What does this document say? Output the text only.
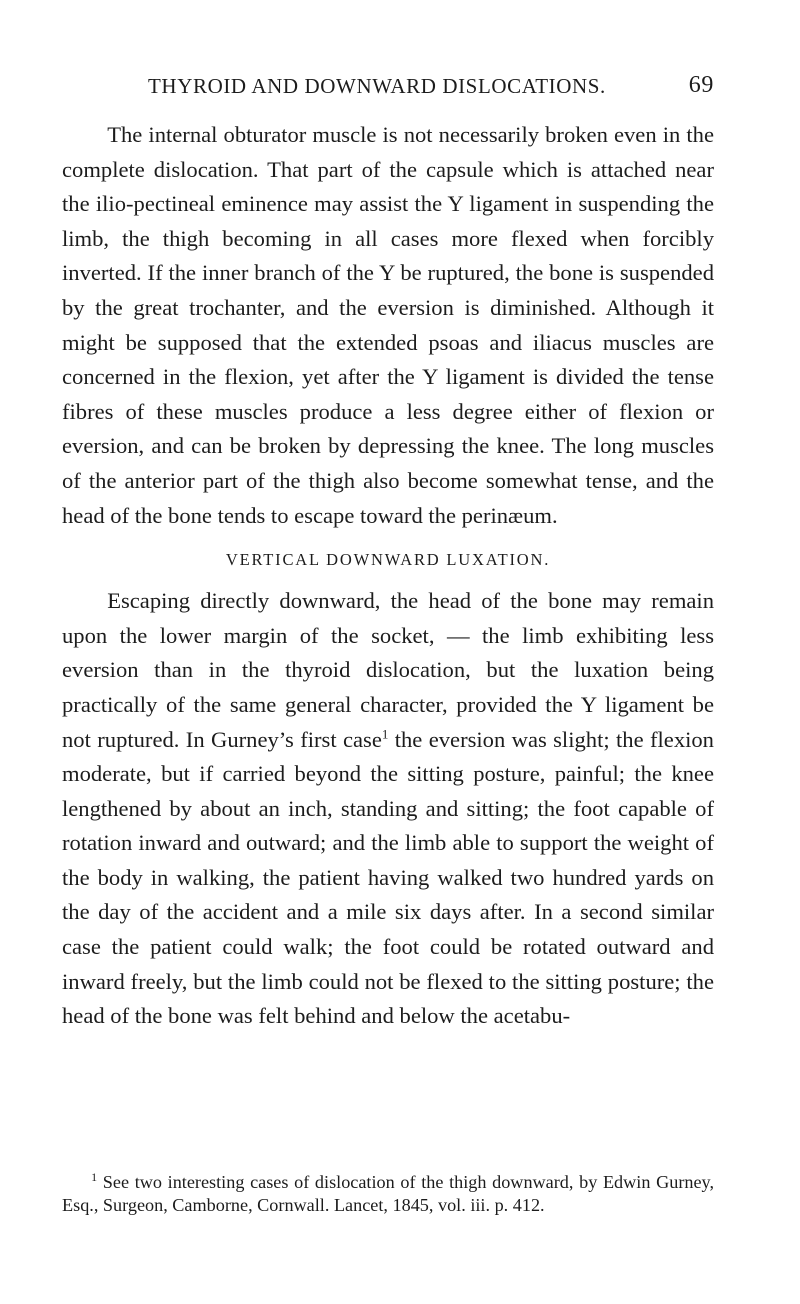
THYROID AND DOWNWARD DISLOCATIONS.	69

The internal obturator muscle is not necessarily broken even in the complete dislocation. That part of the capsule which is attached near the ilio-pectineal eminence may assist the Y ligament in suspending the limb, the thigh becoming in all cases more flexed when forcibly inverted. If the inner branch of the Y be ruptured, the bone is suspended by the great trochanter, and the eversion is diminished. Although it might be supposed that the extended psoas and iliacus muscles are concerned in the flexion, yet after the Y ligament is divided the tense fibres of these muscles produce a less degree either of flexion or eversion, and can be broken by depressing the knee. The long muscles of the anterior part of the thigh also become somewhat tense, and the head of the bone tends to escape toward the perinæum.

VERTICAL DOWNWARD LUXATION.

Escaping directly downward, the head of the bone may remain upon the lower margin of the socket, — the limb exhibiting less eversion than in the thyroid dislocation, but the luxation being practically of the same general character, provided the Y ligament be not ruptured. In Gurney’s first case$^1$ the eversion was slight; the flexion moderate, but if carried beyond the sitting posture, painful; the knee lengthened by about an inch, standing and sitting; the foot capable of rotation inward and outward; and the limb able to support the weight of the body in walking, the patient having walked two hundred yards on the day of the accident and a mile six days after. In a second similar case the patient could walk; the foot could be rotated outward and inward freely, but the limb could not be flexed to the sitting posture; the head of the bone was felt behind and below the acetabu-

$^1$ See two interesting cases of dislocation of the thigh downward, by Edwin Gurney, Esq., Surgeon, Camborne, Cornwall. Lancet, 1845, vol. iii. p. 412.
